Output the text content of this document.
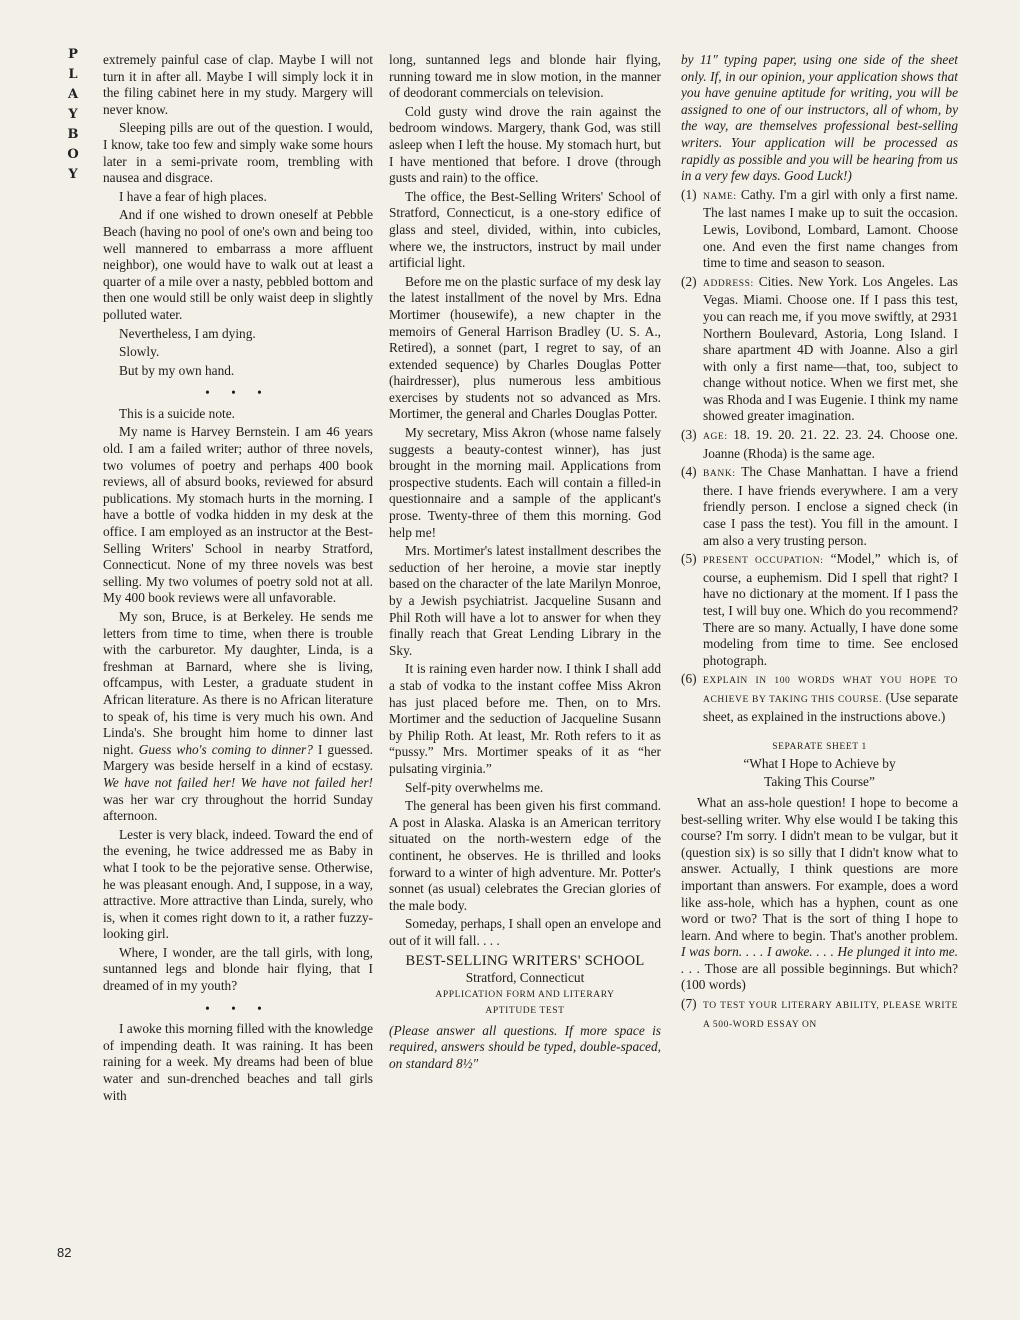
P
L
A
Y
B
O
Y
82

extremely painful case of clap. Maybe I will not turn it in after all. Maybe I will simply lock it in the filing cabinet here in my study. Margery will never know.

Sleeping pills are out of the question. I would, I know, take too few and simply wake some hours later in a semi-private room, trembling with nausea and disgrace.

I have a fear of high places.

And if one wished to drown oneself at Pebble Beach (having no pool of one's own and being too well mannered to embarrass a more affluent neighbor), one would have to walk out at least a quarter of a mile over a nasty, pebbled bottom and then one would still be only waist deep in slightly polluted water.

Nevertheless, I am dying.

Slowly.

But by my own hand.

• • •

This is a suicide note.

My name is Harvey Bernstein. I am 46 years old. I am a failed writer; author of three novels, two volumes of poetry and perhaps 400 book reviews, all of absurd books, reviewed for absurd publications. My stomach hurts in the morning. I have a bottle of vodka hidden in my desk at the office. I am employed as an instructor at the Best-Selling Writers' School in nearby Stratford, Connecticut. None of my three novels was best selling. My two volumes of poetry sold not at all. My 400 book reviews were all unfavorable.

My son, Bruce, is at Berkeley. He sends me letters from time to time, when there is trouble with the carburetor. My daughter, Linda, is a freshman at Barnard, where she is living, offcampus, with Lester, a graduate student in African literature. As there is no African literature to speak of, his time is very much his own. And Linda's. She brought him home to dinner last night. Guess who's coming to dinner? I guessed. Margery was beside herself in a kind of ecstasy. We have not failed her! We have not failed her! was her war cry throughout the horrid Sunday afternoon.

Lester is very black, indeed. Toward the end of the evening, he twice addressed me as Baby in what I took to be the pejorative sense. Otherwise, he was pleasant enough. And, I suppose, in a way, attractive. More attractive than Linda, surely, who is, when it comes right down to it, a rather fuzzy-looking girl.

Where, I wonder, are the tall girls, with long, suntanned legs and blonde hair flying, that I dreamed of in my youth?

• • •

I awoke this morning filled with the knowledge of impending death. It was raining. It has been raining for a week. My dreams had been of blue water and sun-drenched beaches and tall girls with

long, suntanned legs and blonde hair flying, running toward me in slow motion, in the manner of deodorant commercials on television.

Cold gusty wind drove the rain against the bedroom windows. Margery, thank God, was still asleep when I left the house. My stomach hurt, but I have mentioned that before. I drove (through gusts and rain) to the office.

The office, the Best-Selling Writers' School of Stratford, Connecticut, is a one-story edifice of glass and steel, divided, within, into cubicles, where we, the instructors, instruct by mail under artificial light.

Before me on the plastic surface of my desk lay the latest installment of the novel by Mrs. Edna Mortimer (housewife), a new chapter in the memoirs of General Harrison Bradley (U. S. A., Retired), a sonnet (part, I regret to say, of an extended sequence) by Charles Douglas Potter (hairdresser), plus numerous less ambitious exercises by students not so advanced as Mrs. Mortimer, the general and Charles Douglas Potter.

My secretary, Miss Akron (whose name falsely suggests a beauty-contest winner), has just brought in the morning mail. Applications from prospective students. Each will contain a filled-in questionnaire and a sample of the applicant's prose. Twenty-three of them this morning. God help me!

Mrs. Mortimer's latest installment describes the seduction of her heroine, a movie star ineptly based on the character of the late Marilyn Monroe, by a Jewish psychiatrist. Jacqueline Susann and Phil Roth will have a lot to answer for when they finally reach that Great Lending Library in the Sky.

It is raining even harder now. I think I shall add a stab of vodka to the instant coffee Miss Akron has just placed before me. Then, on to Mrs. Mortimer and the seduction of Jacqueline Susann by Philip Roth. At least, Mr. Roth refers to it as “pussy.” Mrs. Mortimer speaks of it as “her pulsating virginia.”

Self-pity overwhelms me.

The general has been given his first command. A post in Alaska. Alaska is an American territory situated on the north-western edge of the continent, he observes. He is thrilled and looks forward to a winter of high adventure. Mr. Potter's sonnet (as usual) celebrates the Grecian glories of the male body.

Someday, perhaps, I shall open an envelope and out of it will fall. . . .

BEST-SELLING WRITERS' SCHOOL
Stratford, Connecticut
APPLICATION FORM AND LITERARY
APTITUDE TEST

(Please answer all questions. If more space is required, answers should be typed, double-spaced, on standard 8½″

by 11″ typing paper, using one side of the sheet only. If, in our opinion, your application shows that you have genuine aptitude for writing, you will be assigned to one of our instructors, all of whom, by the way, are themselves professional best-selling writers. Your application will be processed as rapidly as possible and you will be hearing from us in a very few days. Good Luck!)

(1) NAME: Cathy. I'm a girl with only a first name. The last names I make up to suit the occasion. Lewis, Lovibond, Lombard, Lamont. Choose one. And even the first name changes from time to time and season to season.
(2) ADDRESS: Cities. New York. Los Angeles. Las Vegas. Miami. Choose one. If I pass this test, you can reach me, if you move swiftly, at 2931 Northern Boulevard, Astoria, Long Island. I share apartment 4D with Joanne. Also a girl with only a first name—that, too, subject to change without notice. When we first met, she was Rhoda and I was Eugenie. I think my name showed greater imagination.
(3) AGE: 18. 19. 20. 21. 22. 23. 24. Choose one. Joanne (Rhoda) is the same age.
(4) BANK: The Chase Manhattan. I have a friend there. I have friends everywhere. I am a very friendly person. I enclose a signed check (in case I pass the test). You fill in the amount. I am also a very trusting person.
(5) PRESENT OCCUPATION: “Model,” which is, of course, a euphemism. Did I spell that right? I have no dictionary at the moment. If I pass the test, I will buy one. Which do you recommend? There are so many. Actually, I have done some modeling from time to time. See enclosed photograph.
(6) EXPLAIN IN 100 WORDS WHAT YOU HOPE TO ACHIEVE BY TAKING THIS COURSE. (Use separate sheet, as explained in the instructions above.)
SEPARATE SHEET 1
“What I Hope to Achieve by
Taking This Course”

What an ass-hole question! I hope to become a best-selling writer. Why else would I be taking this course? I'm sorry. I didn't mean to be vulgar, but it (question six) is so silly that I didn't know what to answer. Actually, I think questions are more important than answers. For example, does a word like ass-hole, which has a hyphen, count as one word or two? That is the sort of thing I hope to learn. And where to begin. That's another problem. I was born. . . . I awoke. . . . He plunged it into me. . . . Those are all possible beginnings. But which? (100 words)

(7) TO TEST YOUR LITERARY ABILITY, PLEASE WRITE A 500-WORD ESSAY ON
